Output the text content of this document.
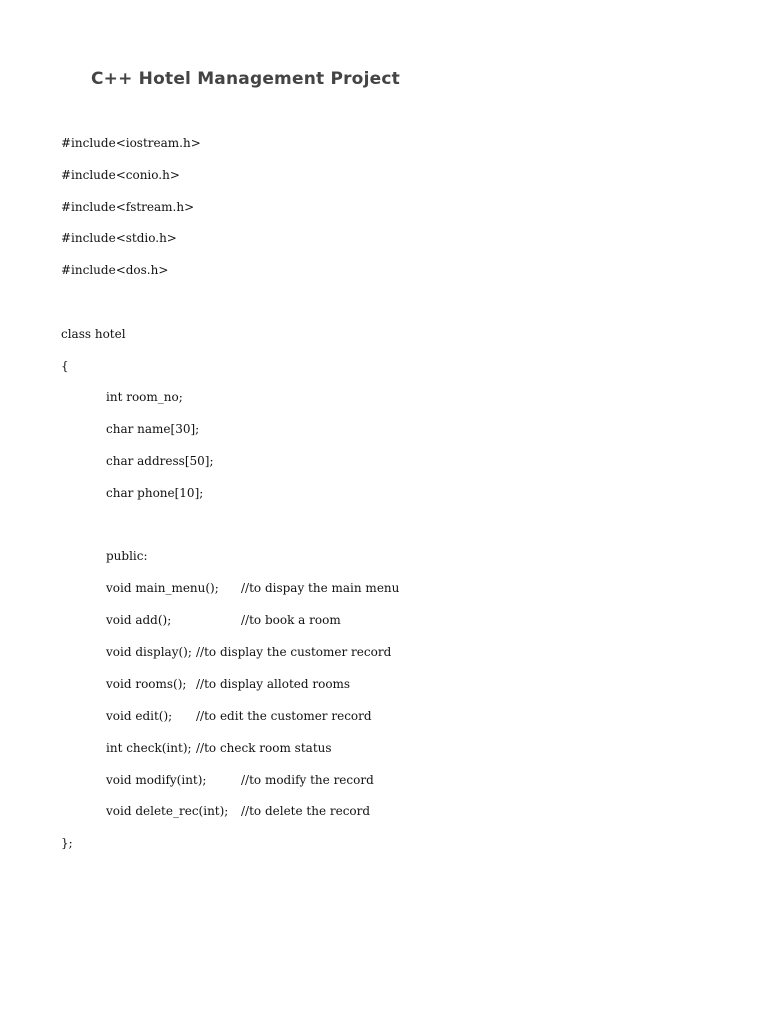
C++ Hotel Management Project
#include<iostream.h>
#include<conio.h>
#include<fstream.h>
#include<stdio.h>
#include<dos.h>
class hotel
{
int room_no;
char name[30];
char address[50];
char phone[10];
public:
void main_menu(); //to dispay the main menu
void add();	//to book a room
void display(); //to display the customer record
void rooms(); //to display alloted rooms
void edit(); //to edit the customer record
int check(int); //to check room status
void modify(int);	//to modify the record
void delete_rec(int); //to delete the record
};
